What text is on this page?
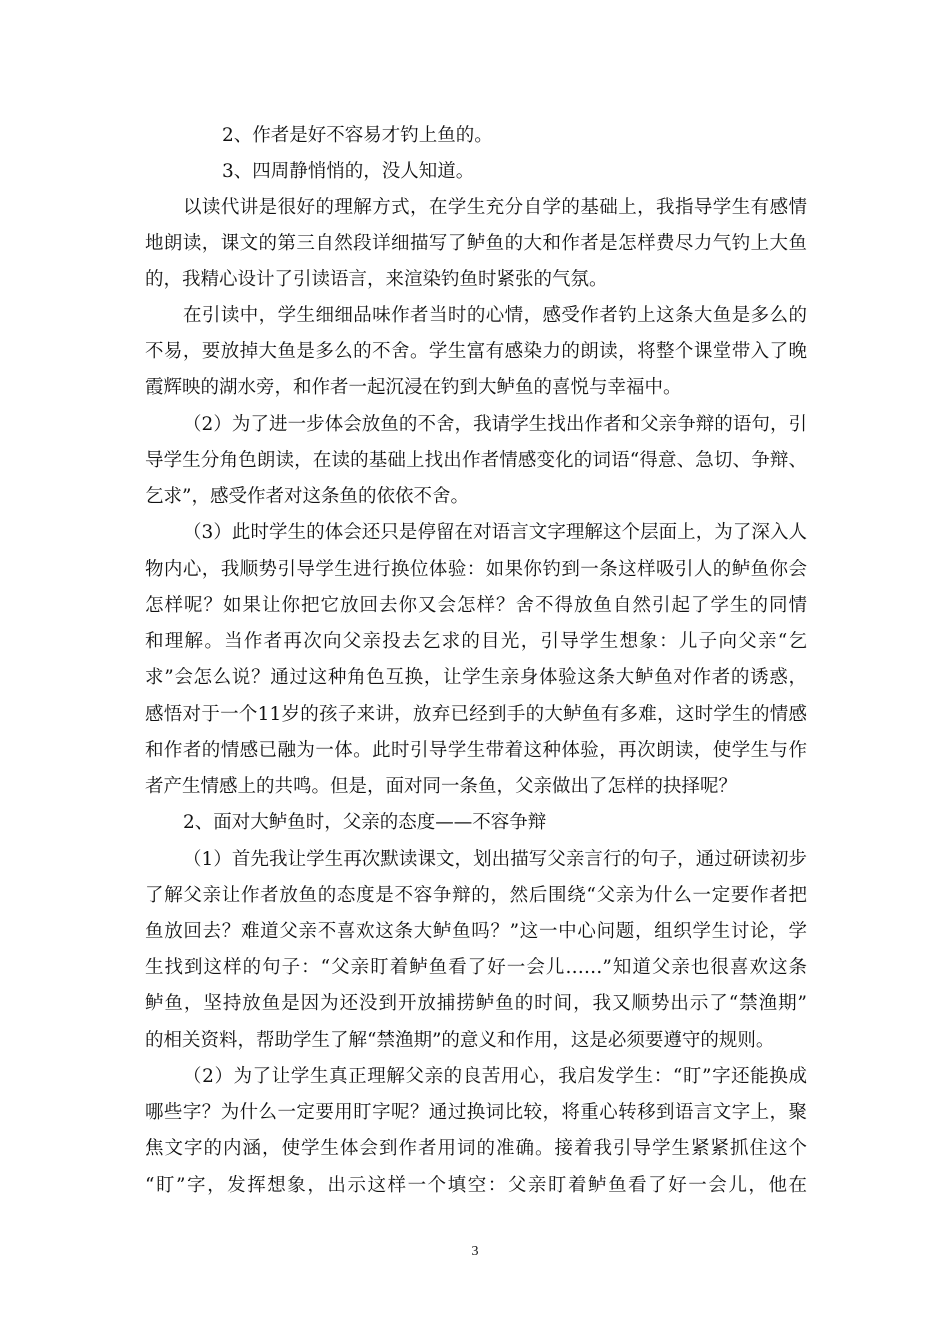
2、作者是好不容易才钓上鱼的。
3、四周静悄悄的，没人知道。
以读代讲是很好的理解方式，在学生充分自学的基础上，我指导学生有感情
地朗读，课文的第三自然段详细描写了鲈鱼的大和作者是怎样费尽力气钓上大鱼
的，我精心设计了引读语言，来渲染钓鱼时紧张的气氛。
在引读中，学生细细品味作者当时的心情，感受作者钓上这条大鱼是多么的
不易，要放掉大鱼是多么的不舍。学生富有感染力的朗读，将整个课堂带入了晚
霞辉映的湖水旁，和作者一起沉浸在钓到大鲈鱼的喜悦与幸福中。
（2）为了进一步体会放鱼的不舍，我请学生找出作者和父亲争辩的语句，引
导学生分角色朗读，在读的基础上找出作者情感变化的词语“得意、急切、争辩、
乞求”，感受作者对这条鱼的依依不舍。
（3）此时学生的体会还只是停留在对语言文字理解这个层面上，为了深入人
物内心，我顺势引导学生进行换位体验：如果你钓到一条这样吸引人的鲈鱼你会
怎样呢？如果让你把它放回去你又会怎样？舍不得放鱼自然引起了学生的同情
和理解。当作者再次向父亲投去乞求的目光，引导学生想象：儿子向父亲“乞
求”会怎么说？通过这种角色互换，让学生亲身体验这条大鲈鱼对作者的诱惑，
感悟对于一个11岁的孩子来讲，放弃已经到手的大鲈鱼有多难，这时学生的情感
和作者的情感已融为一体。此时引导学生带着这种体验，再次朗读，使学生与作
者产生情感上的共鸣。但是，面对同一条鱼，父亲做出了怎样的抉择呢？
2、面对大鲈鱼时，父亲的态度——不容争辩
（1）首先我让学生再次默读课文，划出描写父亲言行的句子，通过研读初步
了解父亲让作者放鱼的态度是不容争辩的，然后围绕“父亲为什么一定要作者把
鱼放回去？难道父亲不喜欢这条大鲈鱼吗？”这一中心问题，组织学生讨论，学
生找到这样的句子：“父亲盯着鲈鱼看了好一会儿……”知道父亲也很喜欢这条
鲈鱼，坚持放鱼是因为还没到开放捕捞鲈鱼的时间，我又顺势出示了“禁渔期”
的相关资料，帮助学生了解“禁渔期”的意义和作用，这是必须要遵守的规则。
（2）为了让学生真正理解父亲的良苦用心，我启发学生：“盯”字还能换成
哪些字？为什么一定要用盯字呢？通过换词比较，将重心转移到语言文字上，聚
焦文字的内涵，使学生体会到作者用词的准确。接着我引导学生紧紧抓住这个
“盯”字，发挥想象，出示这样一个填空：父亲盯着鲈鱼看了好一会儿，他在
3
